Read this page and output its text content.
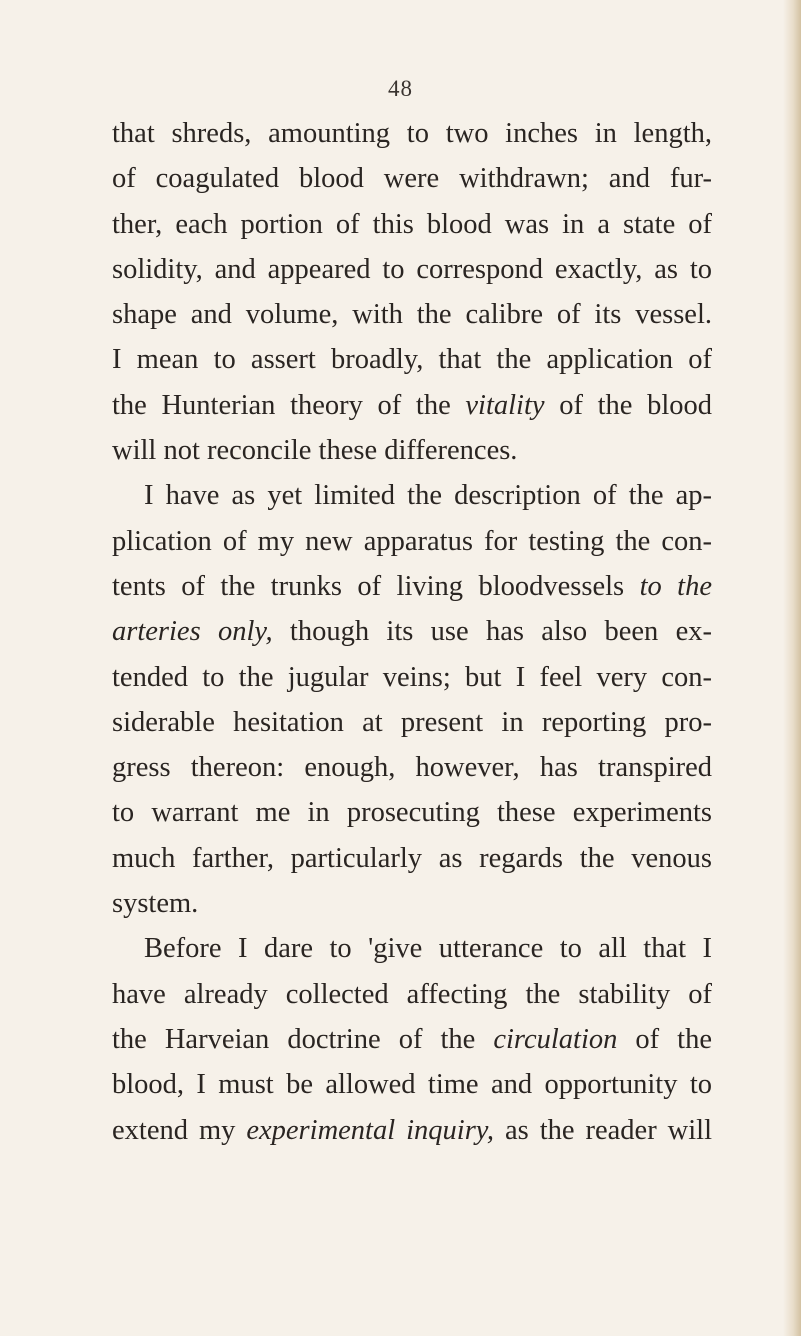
48
that shreds, amounting to two inches in length,
of coagulated blood were withdrawn; and fur-
ther, each portion of this blood was in a state of
solidity, and appeared to correspond exactly, as to
shape and volume, with the calibre of its vessel.
I mean to assert broadly, that the application of
the Hunterian theory of the vitality of the blood
will not reconcile these differences.
I have as yet limited the description of the ap-
plication of my new apparatus for testing the con-
tents of the trunks of living bloodvessels to the
arteries only, though its use has also been ex-
tended to the jugular veins; but I feel very con-
siderable hesitation at present in reporting pro-
gress thereon: enough, however, has transpired
to warrant me in prosecuting these experiments
much farther, particularly as regards the venous
system.
Before I dare to 'give utterance to all that I
have already collected affecting the stability of
the Harveian doctrine of the circulation of the
blood, I must be allowed time and opportunity to
extend my experimental inquiry, as the reader will
